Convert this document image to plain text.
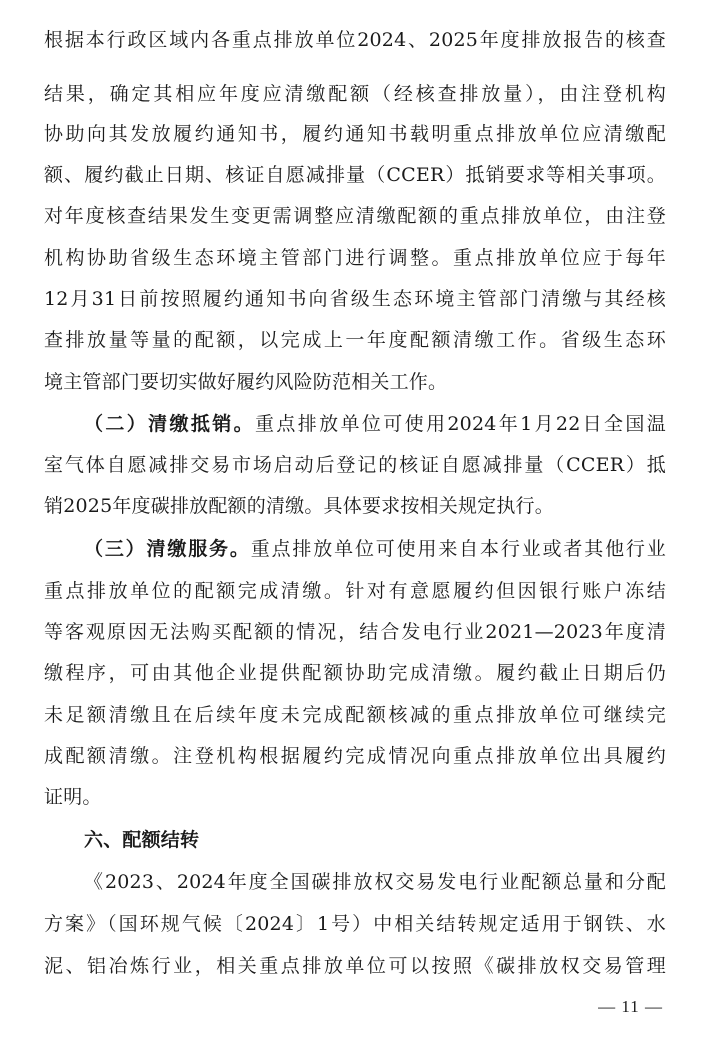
根据本行政区域内各重点排放单位2024、2025年度排放报告的核查
结果，确定其相应年度应清缴配额（经核查排放量），由注登机构
协助向其发放履约通知书，履约通知书载明重点排放单位应清缴配
额、履约截止日期、核证自愿减排量（CCER）抵销要求等相关事项。
对年度核查结果发生变更需调整应清缴配额的重点排放单位，由注登
机构协助省级生态环境主管部门进行调整。重点排放单位应于每年
12月31日前按照履约通知书向省级生态环境主管部门清缴与其经核
查排放量等量的配额，以完成上一年度配额清缴工作。省级生态环
境主管部门要切实做好履约风险防范相关工作。
（二）清缴抵销。重点排放单位可使用2024年1月22日全国温
室气体自愿减排交易市场启动后登记的核证自愿减排量（CCER）抵
销2025年度碳排放配额的清缴。具体要求按相关规定执行。
（三）清缴服务。重点排放单位可使用来自本行业或者其他行业
重点排放单位的配额完成清缴。针对有意愿履约但因银行账户冻结
等客观原因无法购买配额的情况，结合发电行业2021—2023年度清
缴程序，可由其他企业提供配额协助完成清缴。履约截止日期后仍
未足额清缴且在后续年度未完成配额核减的重点排放单位可继续完
成配额清缴。注登机构根据履约完成情况向重点排放单位出具履约
证明。
六、配额结转
《2023、2024年度全国碳排放权交易发电行业配额总量和分配
方案》（国环规气候〔2024〕1号）中相关结转规定适用于钢铁、水
泥、铝冶炼行业，相关重点排放单位可以按照《碳排放权交易管理
— 11 —
